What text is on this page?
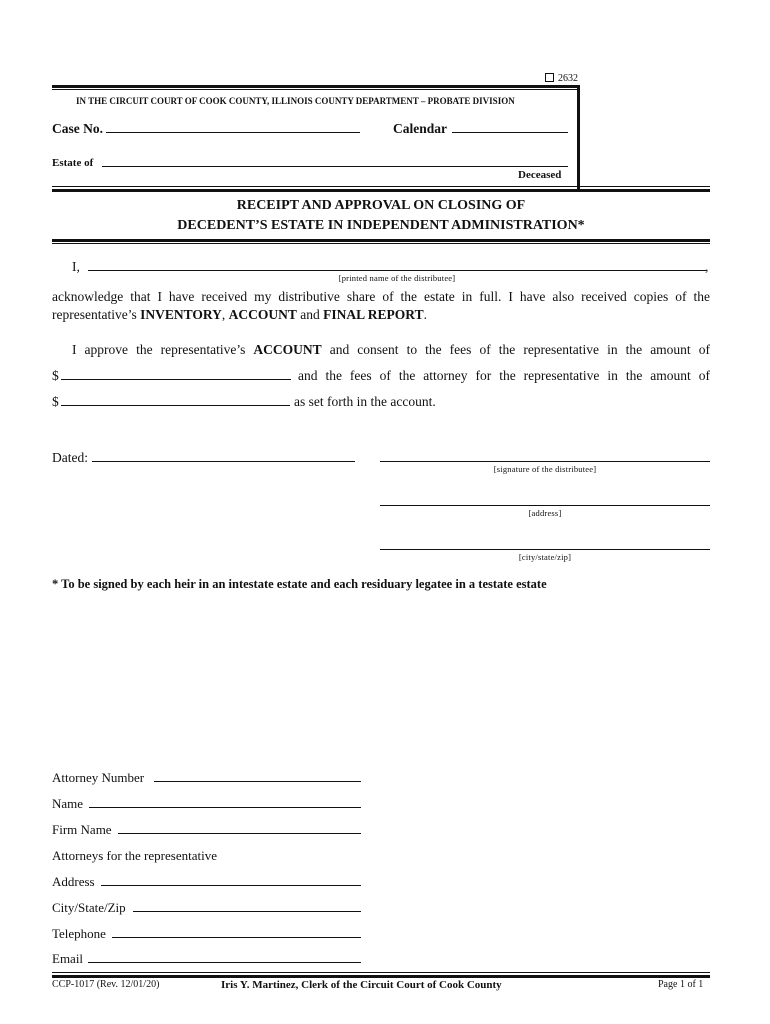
2632
IN THE CIRCUIT COURT OF COOK COUNTY, ILLINOIS COUNTY DEPARTMENT – PROBATE DIVISION
Case No.	Calendar
Estate of
Deceased
RECEIPT AND APPROVAL ON CLOSING OF
DECEDENT’S ESTATE IN INDEPENDENT ADMINISTRATION*
I,	,
[printed name of the distributee]
acknowledge that I have received my distributive share of the estate in full. I have also received copies of the
representative’s INVENTORY, ACCOUNT and FINAL REPORT.
I approve the representative’s ACCOUNT and consent to the fees of the representative in the amount of
$	and the fees of the attorney for the representative in the amount of
$	as set forth in the account.
Dated:
[signature of the distributee]
[address]
[city/state/zip]
* To be signed by each heir in an intestate estate and each residuary legatee in a testate estate
Attorney Number
Name
Firm Name
Attorneys for the representative
Address
City/State/Zip
Telephone
Email
CCP-1017 (Rev. 12/01/20)	Iris Y. Martinez, Clerk of the Circuit Court of Cook County	Page 1 of 1
